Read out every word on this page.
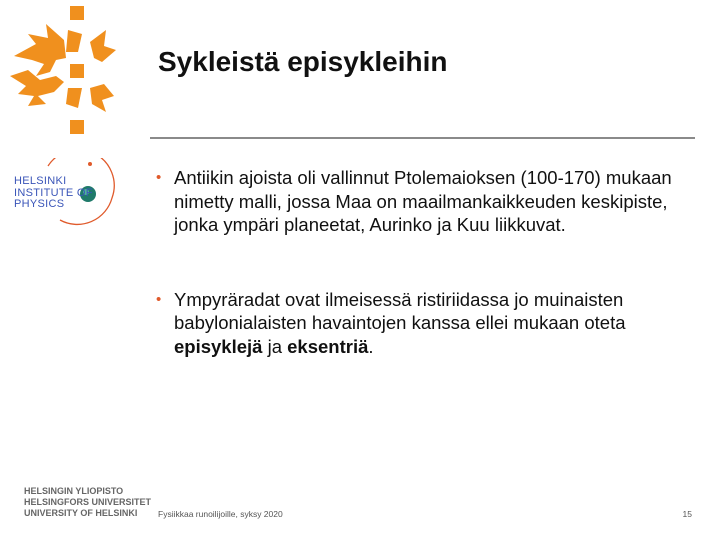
Sykleistä episykleihin
HELSINKI
INSTITUTE OF
PHYSICS
• Antiikin ajoista oli vallinnut Ptolemaioksen (100-170) mukaan nimetty malli, jossa Maa on maailmankaikkeuden keskipiste, jonka ympäri planeetat, Aurinko ja Kuu liikkuvat.
• Ympyräradat ovat ilmeisessä ristiriidassa jo muinaisten babylonialaisten havaintojen kanssa ellei mukaan oteta episyklejä ja eksentriä.
HELSINGIN YLIOPISTO
HELSINGFORS UNIVERSITET
UNIVERSITY OF HELSINKI	Fysiikkaa runoilijoille, syksy 2020	15
